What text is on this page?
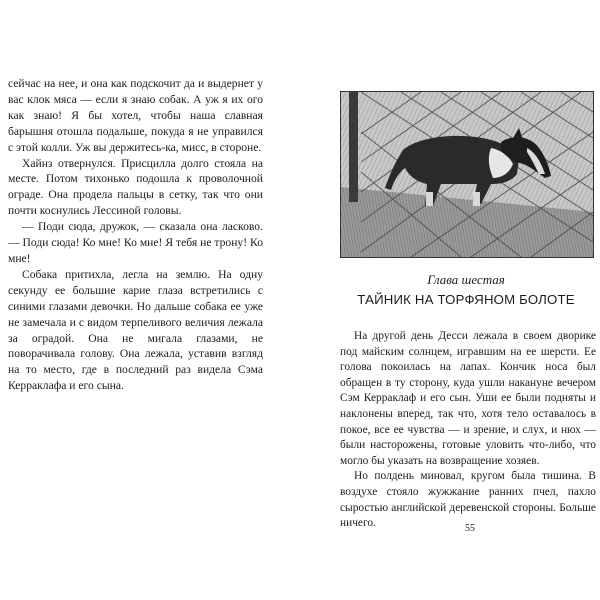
сейчас на нее, и она как подскочит да и выдернет у вас клок мяса — если я знаю собак. А уж я их ого как знаю! Я бы хотел, чтобы наша славная барышня отошла подальше, покуда я не управился с этой колли. Уж вы держитесь-ка, мисс, в стороне.

Хайнз отвернулся. Присцилла долго стояла на месте. Потом тихонько подошла к проволочной ограде. Она продела пальцы в сетку, так что они почти коснулись Лессиной головы.

— Поди сюда, дружок, — сказала она ласково. — Поди сюда! Ко мне! Ко мне! Я тебя не трону! Ко мне!

Собака притихла, легла на землю. На одну секунду ее большие карие глаза встретились с синими глазами девочки. Но дальше собака ее уже не замечала и с видом терпеливого величия лежала за оградой. Она не мигала глазами, не поворачивала голову. Она лежала, уставив взгляд на то место, где в последний раз видела Сэма Керраклафа и его сына.

Глава шестая
ТАЙНИК НА ТОРФЯНОМ БОЛОТЕ

На другой день Десси лежала в своем дворике под майским солнцем, игравшим на ее шерсти. Ее голова покоилась на лапах. Кончик носа был обращен в ту сторону, куда ушли накануне вечером Сэм Керраклаф и его сын. Уши ее были подняты и наклонены вперед, так что, хотя тело оставалось в покое, все ее чувства — и зрение, и слух, и нюх — были насторожены, готовые уловить что-либо, что могло бы указать на возвращение хозяев.

Но полдень миновал, кругом была тишина. В воздухе стояло жужжание ранних пчел, пахло сыростью английской деревенской стороны. Больше ничего.	55
